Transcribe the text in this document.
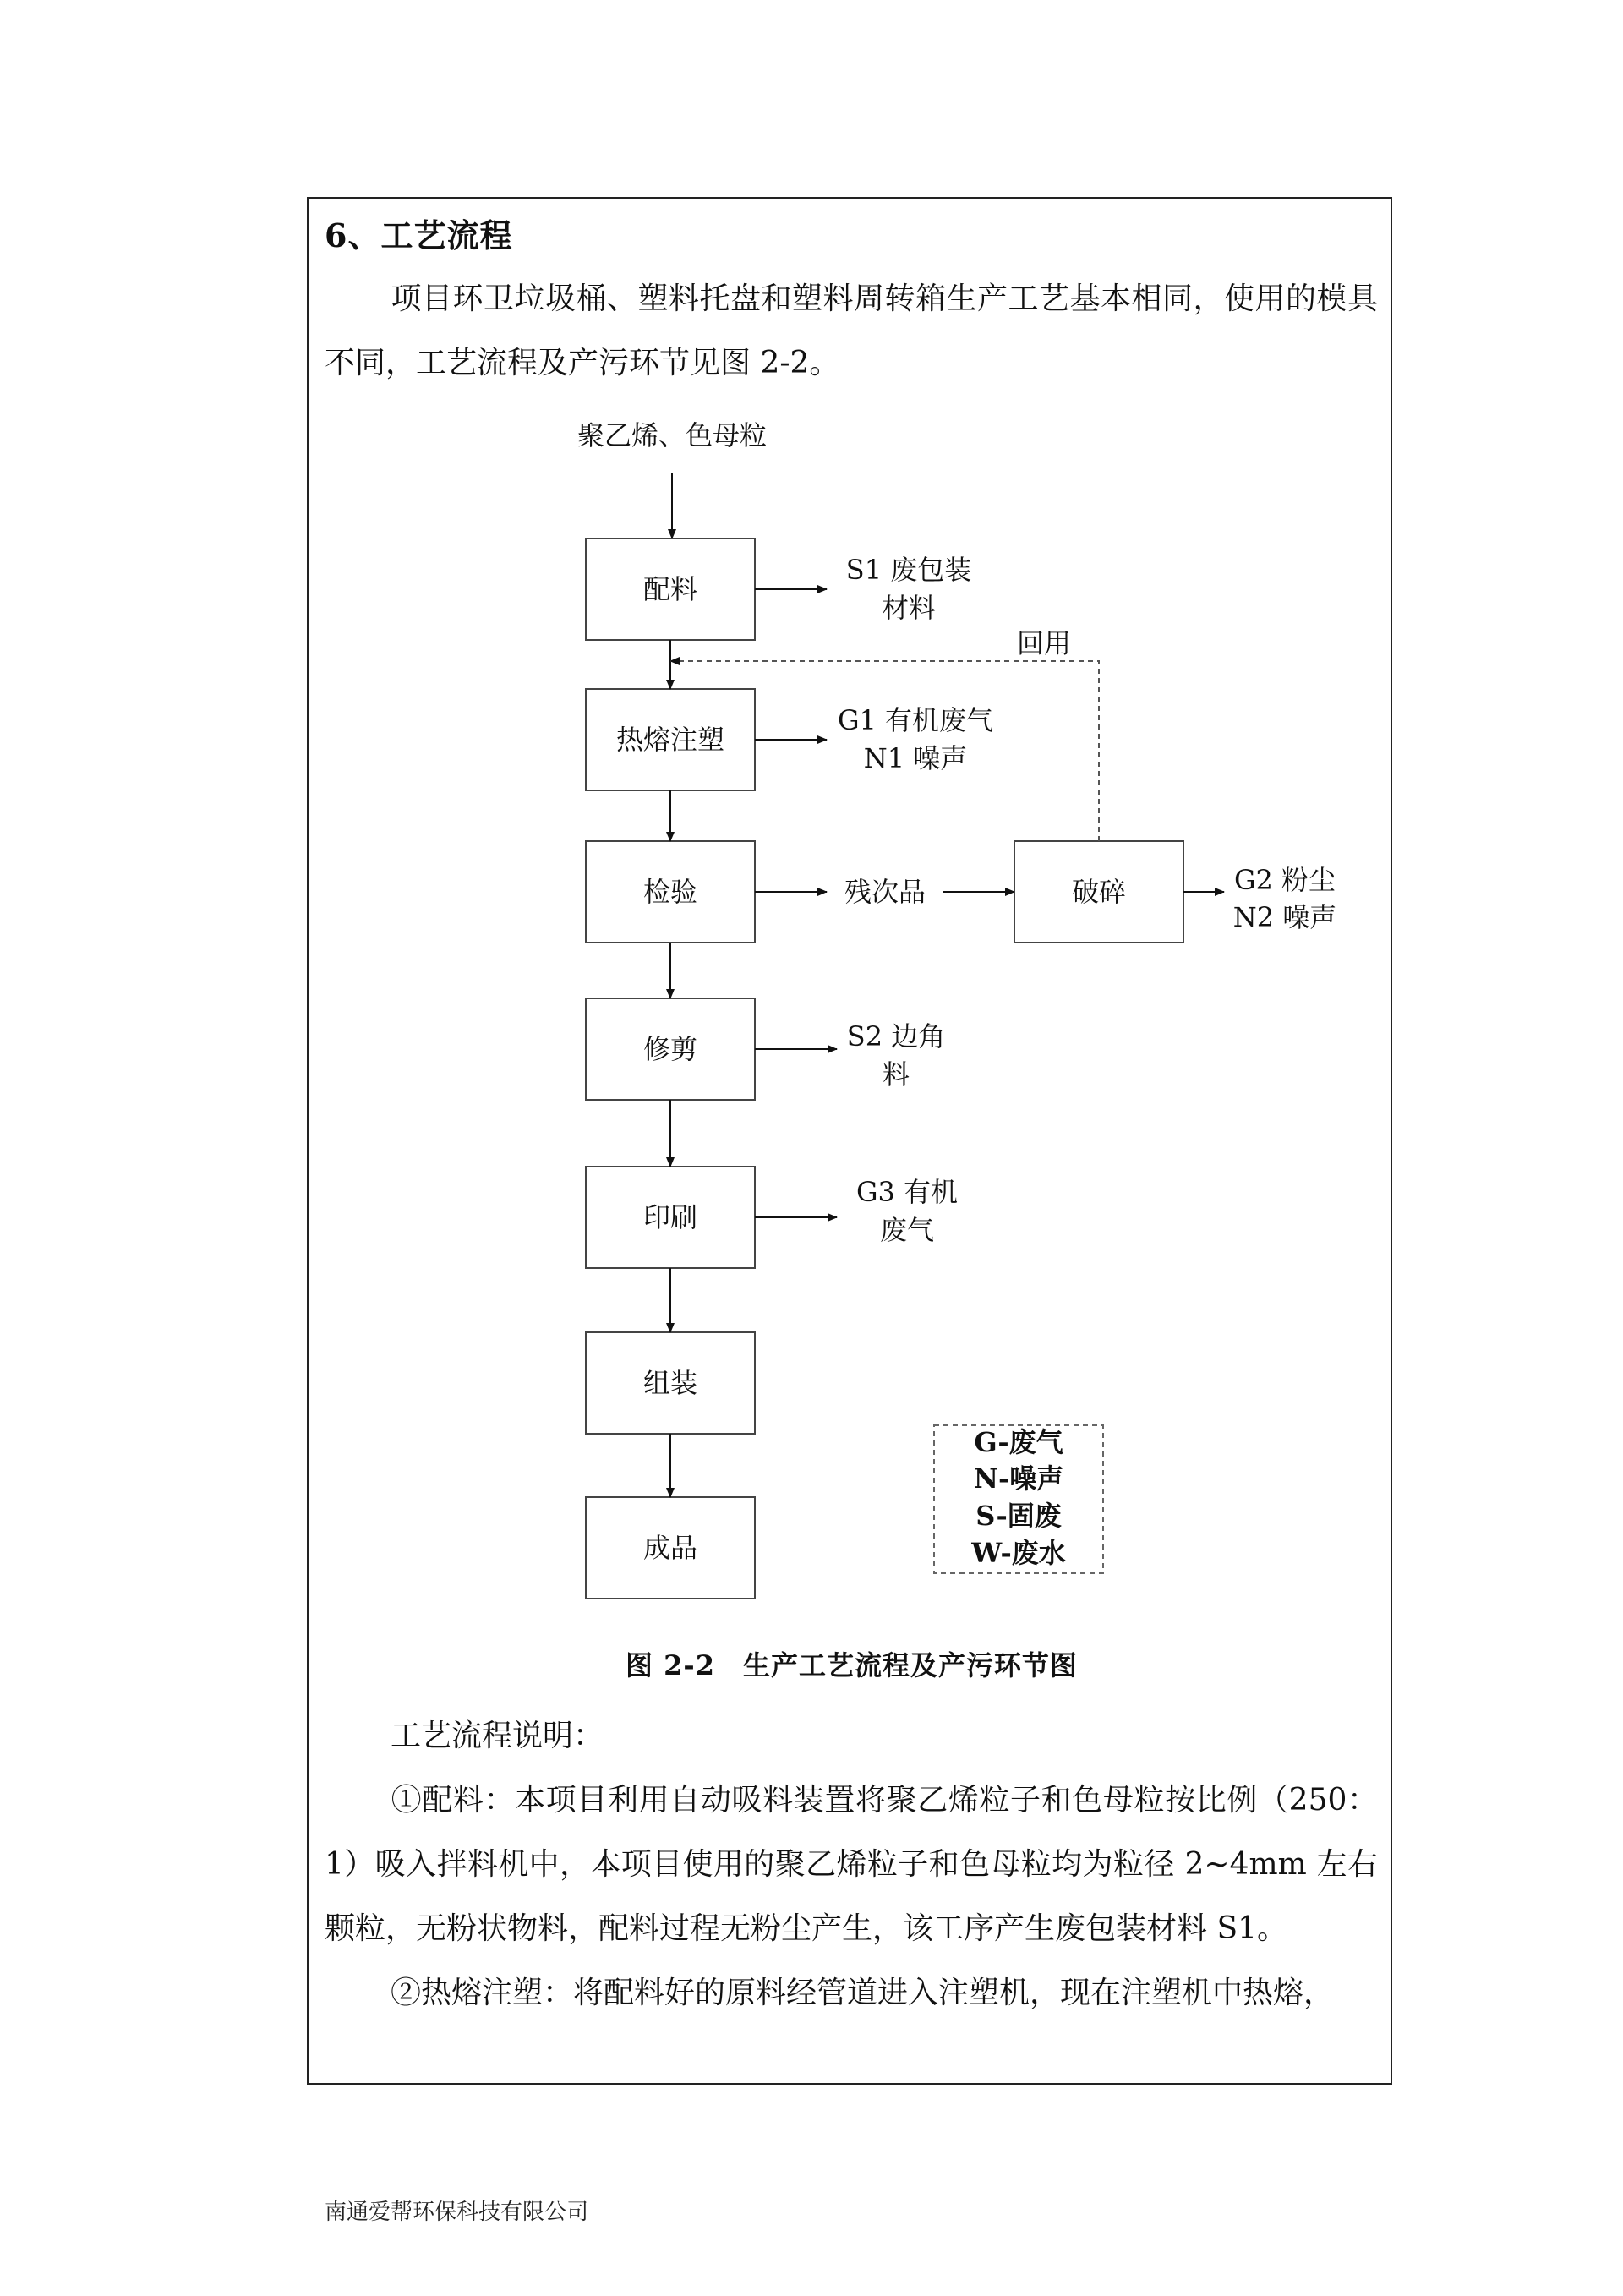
6、工艺流程
项目环卫垃圾桶、塑料托盘和塑料周转箱生产工艺基本相同，使用的模具不同，工艺流程及产污环节见图 2-2。
聚乙烯、色母粒
配料
热熔注塑
检验
修剪
印刷
组装
成品
S1 废包装
材料
G1 有机废气
N1 噪声
残次品	破碎	G2 粉尘
N2 噪声
回用
S2 边角
料
G3 有机
废气
G-废气
N-噪声
S-固废
W-废水
图 2-2　生产工艺流程及产污环节图
工艺流程说明：
①配料：本项目利用自动吸料装置将聚乙烯粒子和色母粒按比例（250：1）吸入拌料机中，本项目使用的聚乙烯粒子和色母粒均为粒径 2~4mm 左右颗粒，无粉状物料，配料过程无粉尘产生，该工序产生废包装材料 S1。
②热熔注塑：将配料好的原料经管道进入注塑机，现在注塑机中热熔，
南通爱帮环保科技有限公司
